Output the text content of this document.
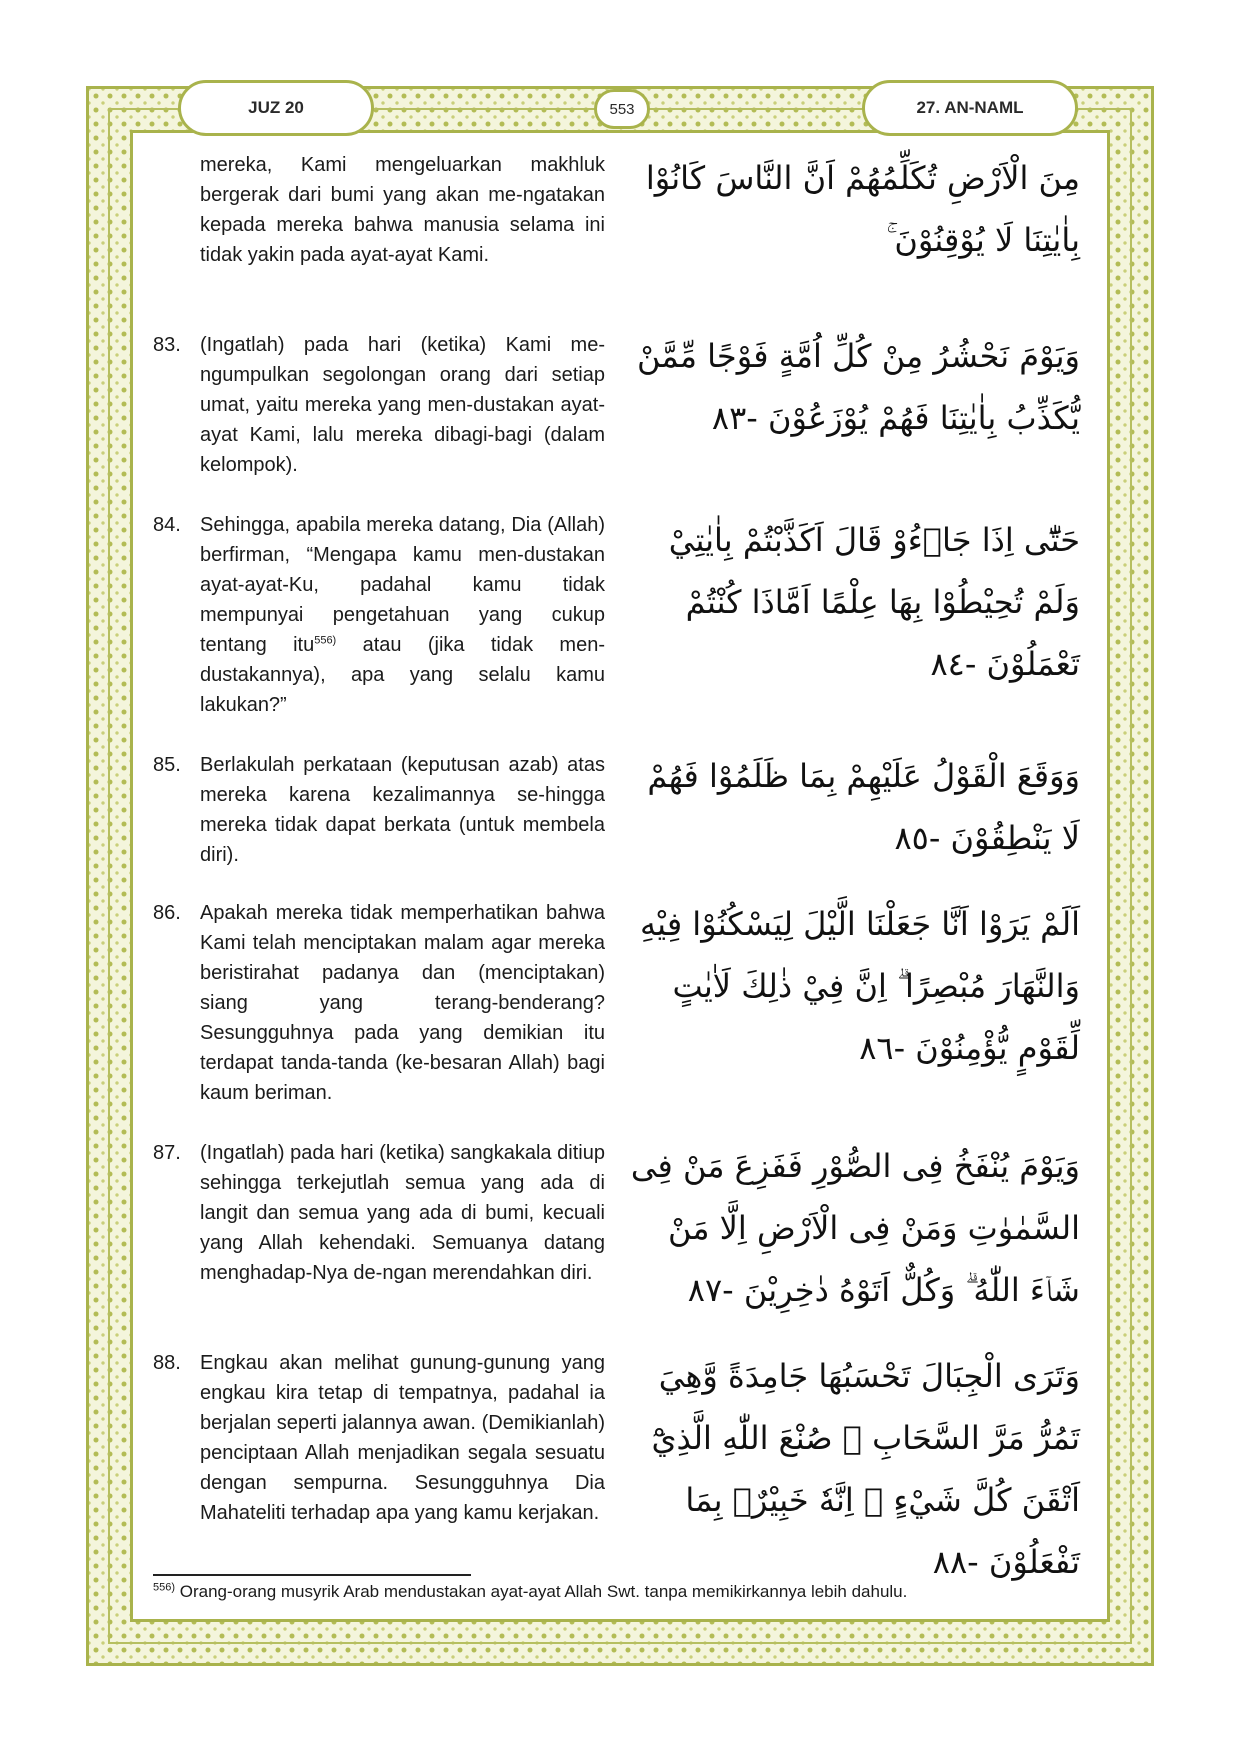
JUZ 20	553	27. AN-NAML
مِنَ الْاَرْضِ تُكَلِّمُهُمْ اَنَّ النَّاسَ كَانُوْا بِاٰيٰتِنَا لَا يُوْقِنُوْنَ ۚ
mereka, Kami mengeluarkan makhluk bergerak dari bumi yang akan me-ngatakan kepada mereka bahwa manusia selama ini tidak yakin pada ayat-ayat Kami.
وَيَوْمَ نَحْشُرُ مِنْ كُلِّ اُمَّةٍ فَوْجًا مِّمَّنْ يُّكَذِّبُ بِاٰيٰتِنَا فَهُمْ يُوْزَعُوْنَ -٨٣
83. (Ingatlah) pada hari (ketika) Kami me-ngumpulkan segolongan orang dari setiap umat, yaitu mereka yang men-dustakan ayat-ayat Kami, lalu mereka dibagi-bagi (dalam kelompok).
حَتّٰٓى اِذَا جَاۤءُوْ قَالَ اَكَذَّبْتُمْ بِاٰيٰتِيْ وَلَمْ تُحِيْطُوْا بِهَا عِلْمًا اَمَّاذَا كُنْتُمْ تَعْمَلُوْنَ -٨٤
84. Sehingga, apabila mereka datang, Dia (Allah) berfirman, “Mengapa kamu men-dustakan ayat-ayat-Ku, padahal kamu tidak mempunyai pengetahuan yang cukup tentang itu$^{556)}$ atau (jika tidak men-dustakannya), apa yang selalu kamu lakukan?”
وَوَقَعَ الْقَوْلُ عَلَيْهِمْ بِمَا ظَلَمُوْا فَهُمْ لَا يَنْطِقُوْنَ -٨٥
85. Berlakulah perkataan (keputusan azab) atas mereka karena kezalimannya se-hingga mereka tidak dapat berkata (untuk membela diri).
اَلَمْ يَرَوْا اَنَّا جَعَلْنَا الَّيْلَ لِيَسْكُنُوْا فِيْهِ وَالنَّهَارَ مُبْصِرًا ۗ اِنَّ فِيْ ذٰلِكَ لَاٰيٰتٍ لِّقَوْمٍ يُّؤْمِنُوْنَ -٨٦
86. Apakah mereka tidak memperhatikan bahwa Kami telah menciptakan malam agar mereka beristirahat padanya dan (menciptakan) siang yang terang-benderang? Sesungguhnya pada yang demikian itu terdapat tanda-tanda (ke-besaran Allah) bagi kaum beriman.
وَيَوْمَ يُنْفَخُ فِى الصُّوْرِ فَفَزِعَ مَنْ فِى السَّمٰوٰتِ وَمَنْ فِى الْاَرْضِ اِلَّا مَنْ شَاۤءَ اللّٰهُ ۗ وَكُلٌّ اَتَوْهُ دٰخِرِيْنَ -٨٧
87. (Ingatlah) pada hari (ketika) sangkakala ditiup sehingga terkejutlah semua yang ada di langit dan semua yang ada di bumi, kecuali yang Allah kehendaki. Semuanya datang menghadap-Nya de-ngan merendahkan diri.
وَتَرَى الْجِبَالَ تَحْسَبُهَا جَامِدَةً وَّهِيَ تَمُرُّ مَرَّ السَّحَابِ ۗ صُنْعَ اللّٰهِ الَّذِيْٓ اَتْقَنَ كُلَّ شَيْءٍ ۗ اِنَّهٗ خَبِيْرٌۢ بِمَا تَفْعَلُوْنَ -٨٨
88. Engkau akan melihat gunung-gunung yang engkau kira tetap di tempatnya, padahal ia berjalan seperti jalannya awan. (Demikianlah) penciptaan Allah menjadikan segala sesuatu dengan sempurna. Sesungguhnya Dia Mahateliti terhadap apa yang kamu kerjakan.
$^{556)}$ Orang-orang musyrik Arab mendustakan ayat-ayat Allah Swt. tanpa memikirkannya lebih dahulu.
